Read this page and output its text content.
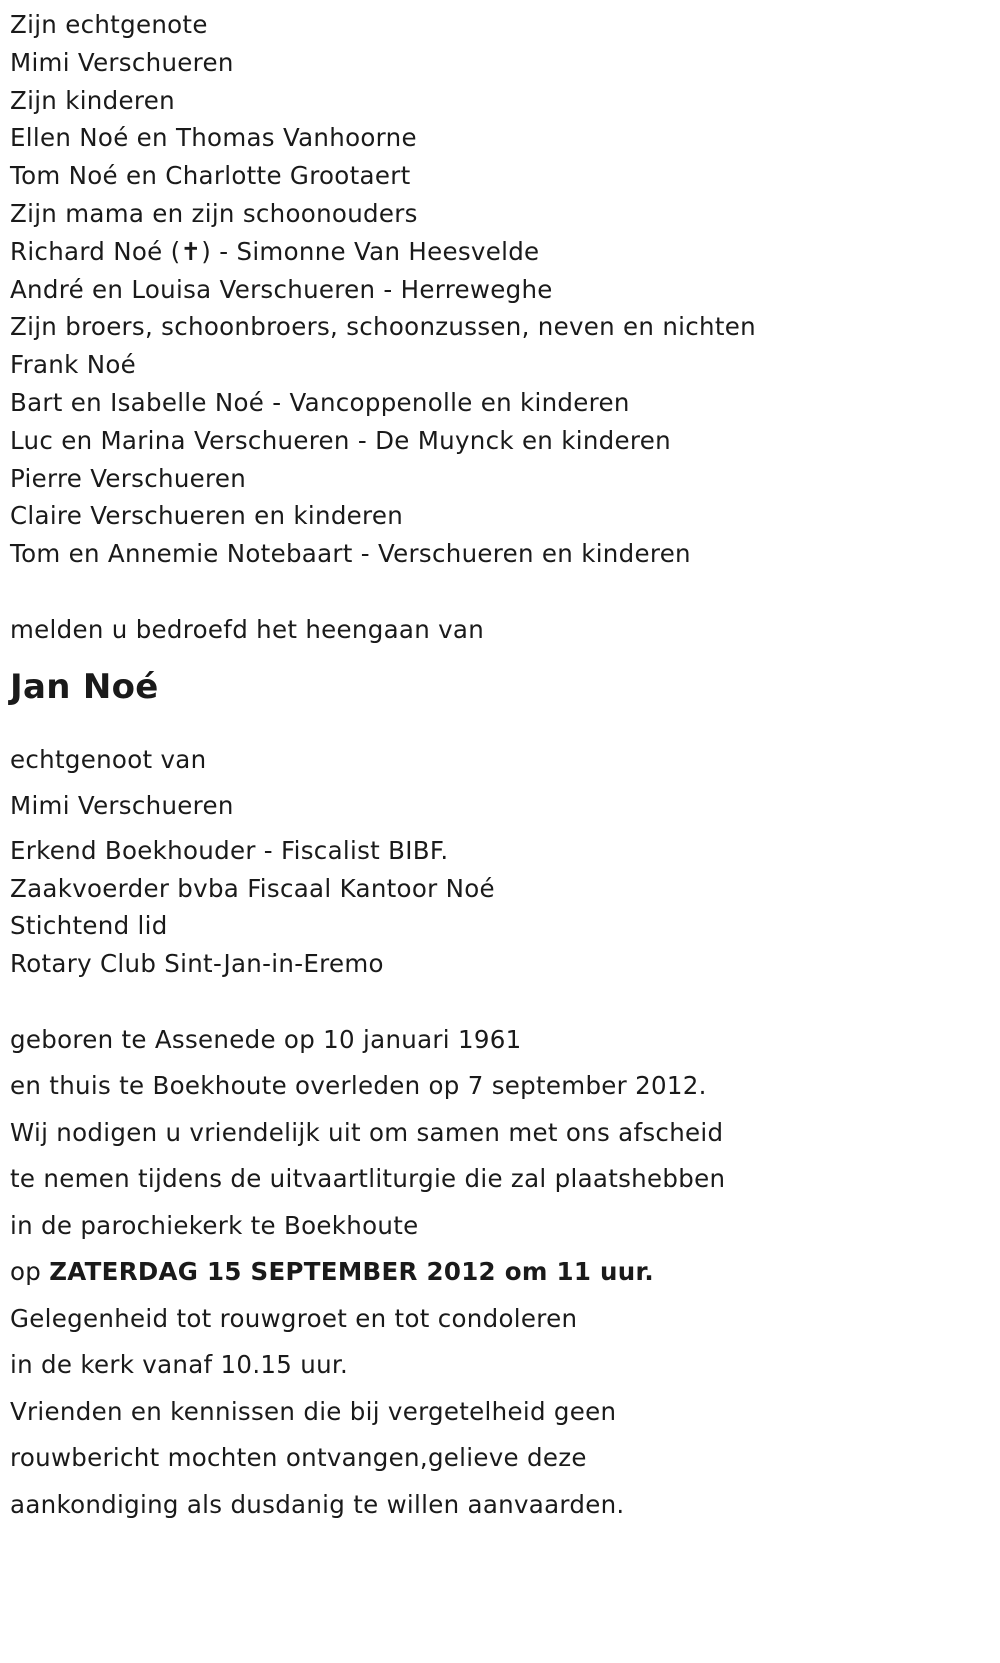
Zijn echtgenote
Mimi Verschueren
Zijn kinderen
Ellen Noé en Thomas Vanhoorne
Tom Noé en Charlotte Grootaert
Zijn mama en zijn schoonouders
Richard Noé (✝) - Simonne Van Heesvelde
André en Louisa Verschueren - Herreweghe
Zijn broers, schoonbroers, schoonzussen, neven en nichten
Frank Noé
Bart en Isabelle Noé - Vancoppenolle en kinderen
Luc en Marina Verschueren - De Muynck en kinderen
Pierre Verschueren
Claire Verschueren en kinderen
Tom en Annemie Notebaart - Verschueren en kinderen
melden u bedroefd het heengaan van
Jan Noé
echtgenoot van
Mimi Verschueren
Erkend Boekhouder - Fiscalist BIBF.
Zaakvoerder bvba Fiscaal Kantoor Noé
Stichtend lid
Rotary Club Sint-Jan-in-Eremo
geboren te Assenede op 10 januari 1961
en thuis te Boekhoute overleden op 7 september 2012.
Wij nodigen u vriendelijk uit om samen met ons afscheid
te nemen tijdens de uitvaartliturgie die zal plaatshebben
in de parochiekerk te Boekhoute
op ZATERDAG 15 SEPTEMBER 2012 om 11 uur.
Gelegenheid tot rouwgroet en tot condoleren
in de kerk vanaf 10.15 uur.
Vrienden en kennissen die bij vergetelheid geen
rouwbericht mochten ontvangen,gelieve deze
aankondiging als dusdanig te willen aanvaarden.
